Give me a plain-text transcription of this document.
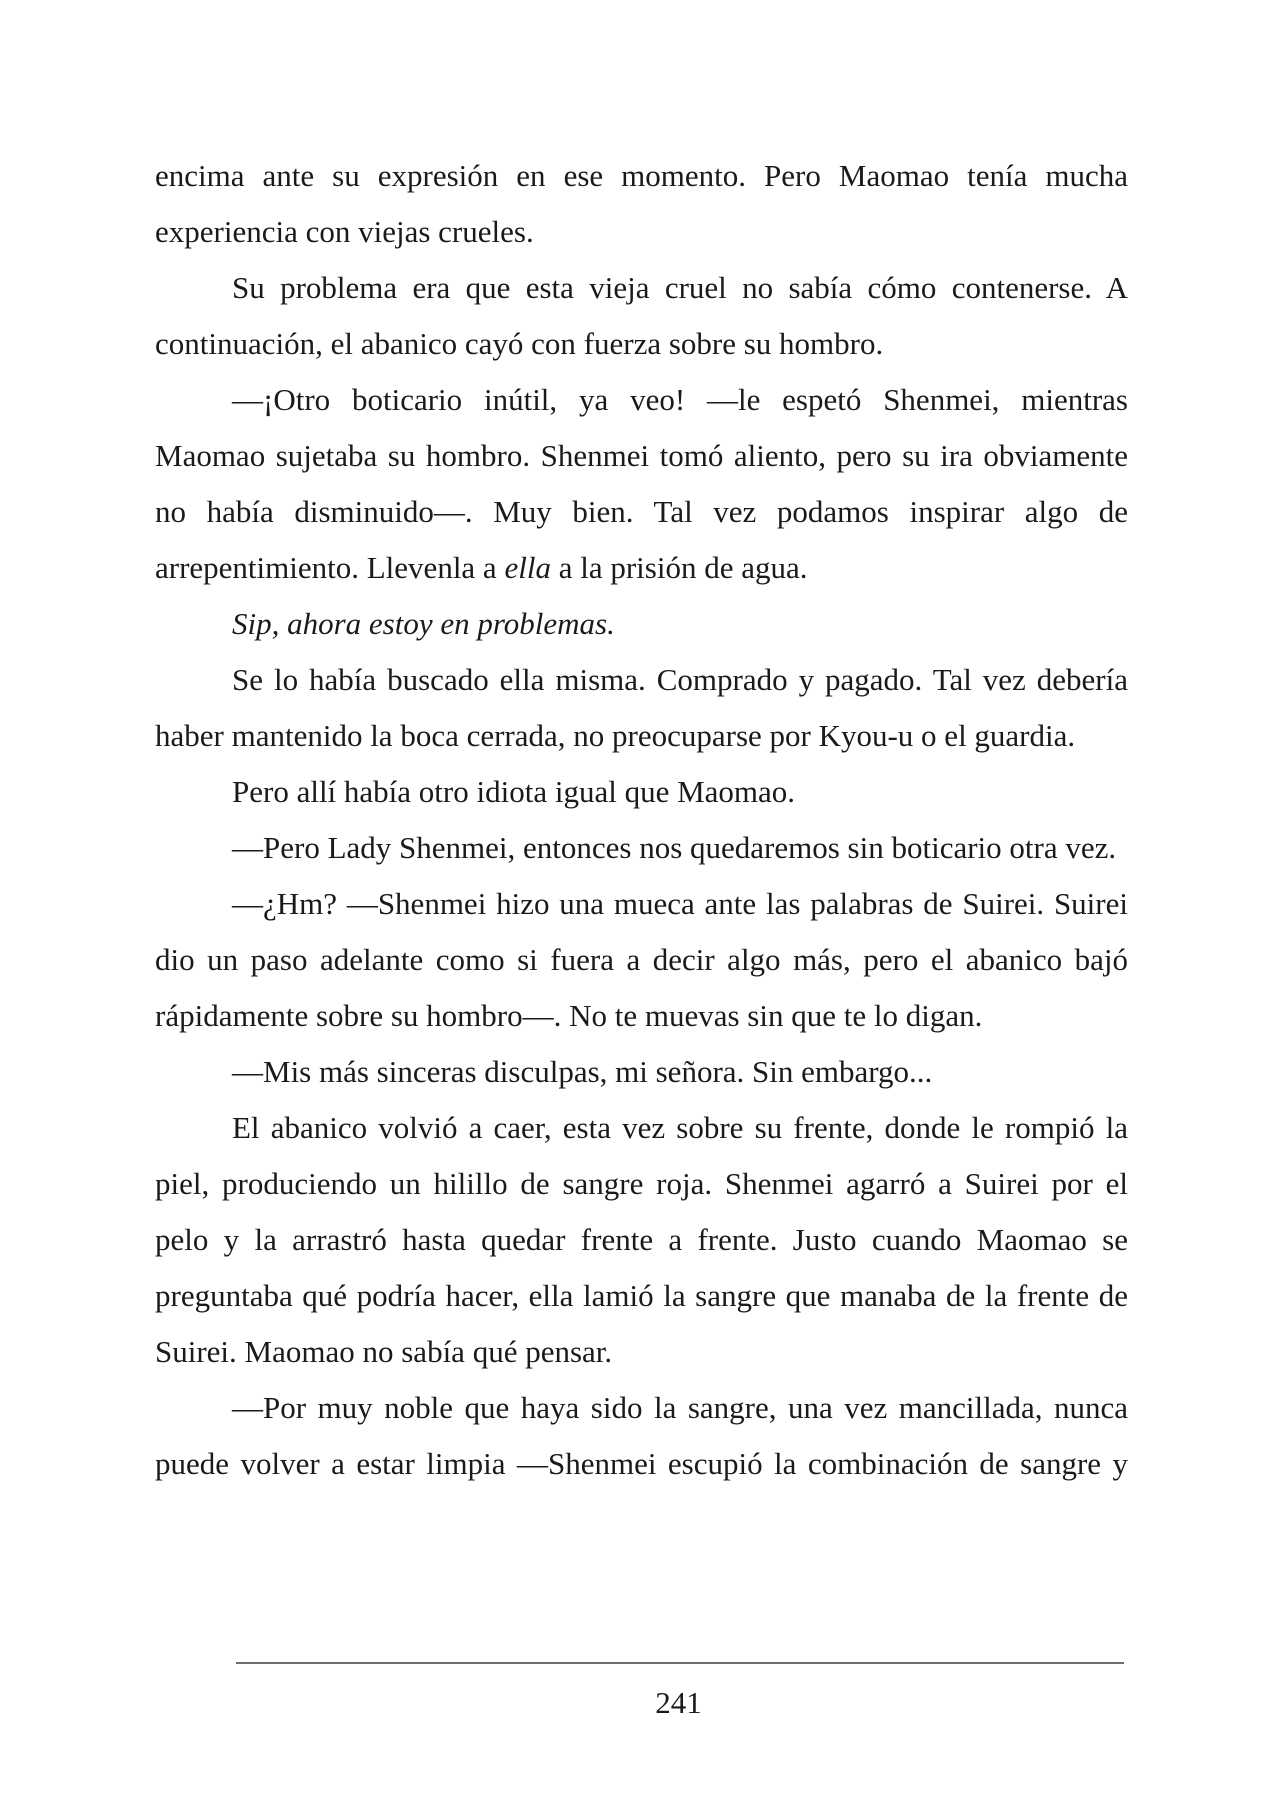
encima ante su expresión en ese momento. Pero Maomao tenía mucha experiencia con viejas crueles.

Su problema era que esta vieja cruel no sabía cómo contenerse. A continuación, el abanico cayó con fuerza sobre su hombro.

—¡Otro boticario inútil, ya veo! —le espetó Shenmei, mientras Maomao sujetaba su hombro. Shenmei tomó aliento, pero su ira obviamente no había disminuido—. Muy bien. Tal vez podamos inspirar algo de arrepentimiento. Llevenla a ella a la prisión de agua.

Sip, ahora estoy en problemas.

Se lo había buscado ella misma. Comprado y pagado. Tal vez debería haber mantenido la boca cerrada, no preocuparse por Kyou-u o el guardia.

Pero allí había otro idiota igual que Maomao.

—Pero Lady Shenmei, entonces nos quedaremos sin boticario otra vez.

—¿Hm? —Shenmei hizo una mueca ante las palabras de Suirei. Suirei dio un paso adelante como si fuera a decir algo más, pero el abanico bajó rápidamente sobre su hombro—. No te muevas sin que te lo digan.

—Mis más sinceras disculpas, mi señora. Sin embargo...

El abanico volvió a caer, esta vez sobre su frente, donde le rompió la piel, produciendo un hilillo de sangre roja. Shenmei agarró a Suirei por el pelo y la arrastró hasta quedar frente a frente. Justo cuando Maomao se preguntaba qué podría hacer, ella lamió la sangre que manaba de la frente de Suirei. Maomao no sabía qué pensar.

—Por muy noble que haya sido la sangre, una vez mancillada, nunca puede volver a estar limpia —Shenmei escupió la combinación de sangre y

241
